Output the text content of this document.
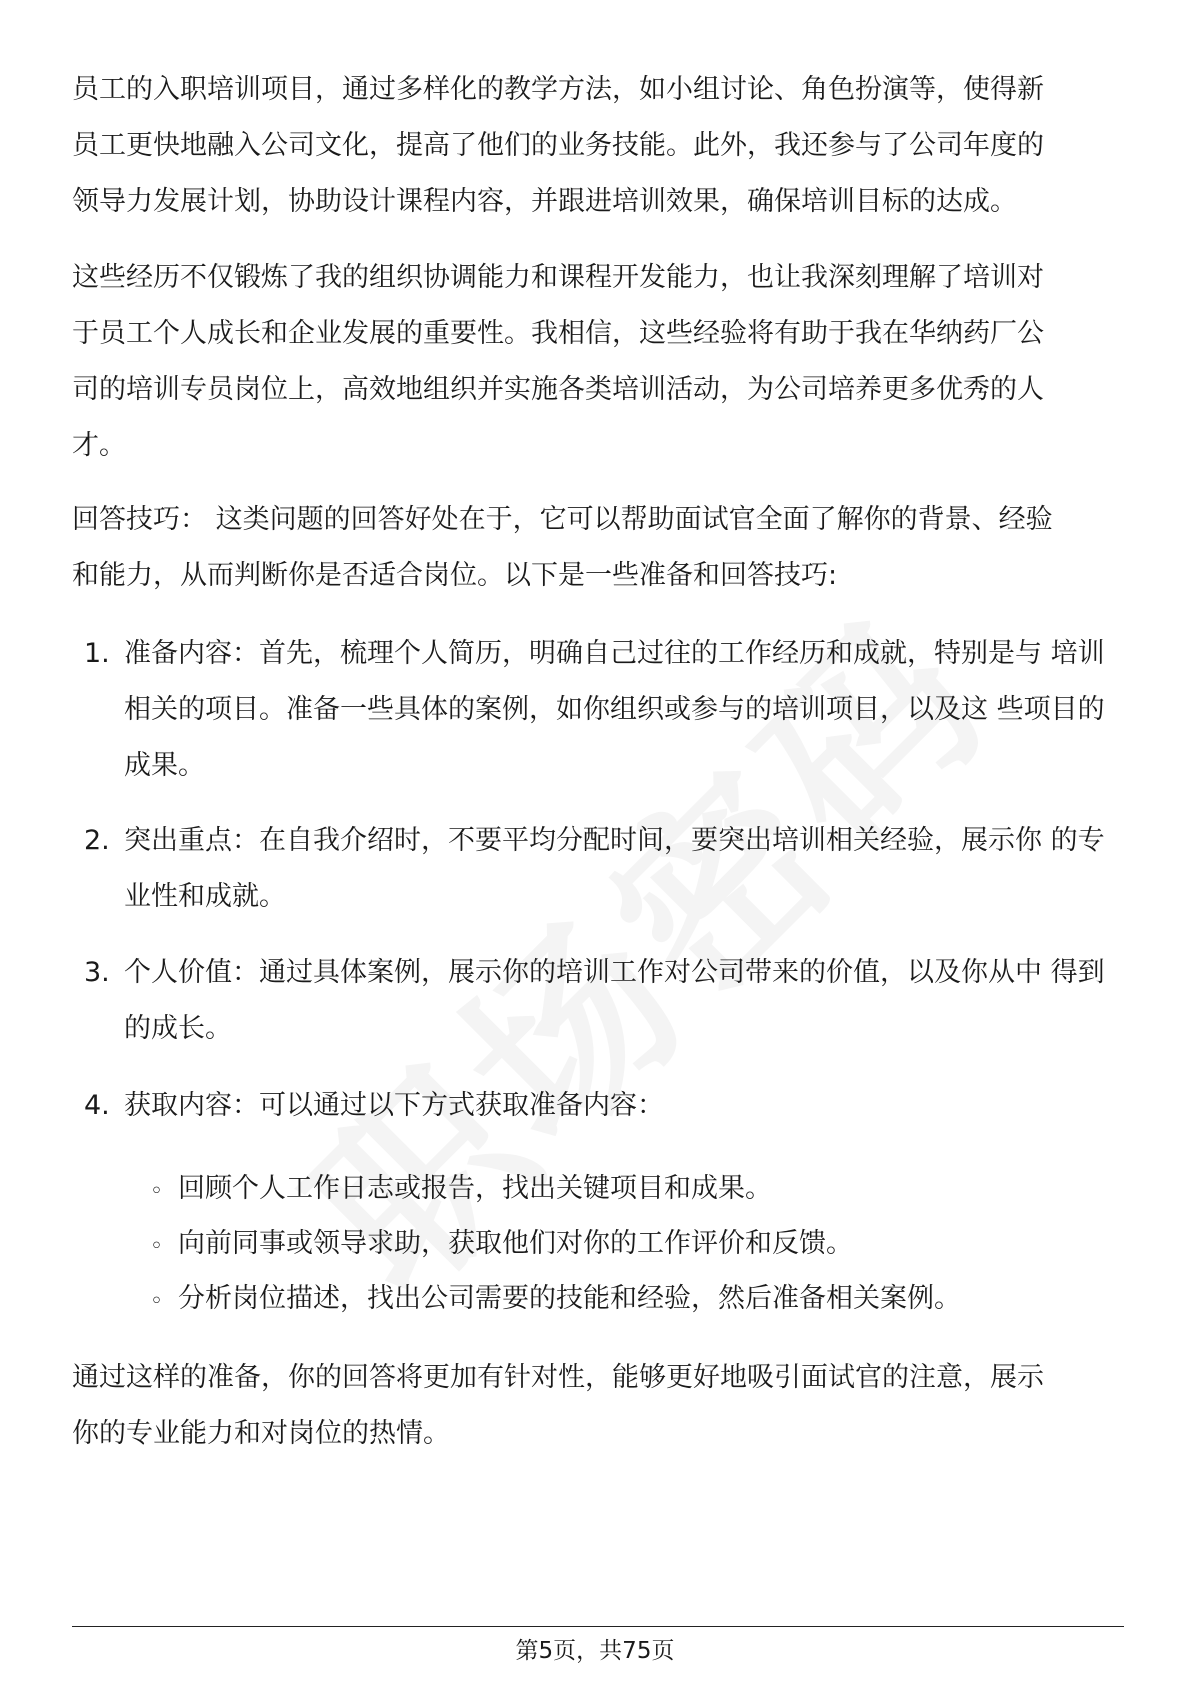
员工的入职培训项目，通过多样化的教学方法，如小组讨论、角色扮演等，使得新
员工更快地融入公司文化，提高了他们的业务技能。此外，我还参与了公司年度的
领导力发展计划，协助设计课程内容，并跟进培训效果，确保培训目标的达成。

这些经历不仅锻炼了我的组织协调能力和课程开发能力，也让我深刻理解了培训对
于员工个人成长和企业发展的重要性。我相信，这些经验将有助于我在华纳药厂公
司的培训专员岗位上，高效地组织并实施各类培训活动，为公司培养更多优秀的人
才。

回答技巧： 这类问题的回答好处在于，它可以帮助面试官全面了解你的背景、经验
和能力，从而判断你是否适合岗位。以下是一些准备和回答技巧:

1. 准备内容：首先，梳理个人简历，明确自己过往的工作经历和成就，特别是与 培训相关的项目。准备一些具体的案例，如你组织或参与的培训项目，以及这 些项目的成果。

2. 突出重点：在自我介绍时，不要平均分配时间，要突出培训相关经验，展示你 的专业性和成就。

3. 个人价值：通过具体案例，展示你的培训工作对公司带来的价值，以及你从中 得到的成长。

4. 获取内容：可以通过以下方式获取准备内容：

◦ 回顾个人工作日志或报告，找出关键项目和成果。

◦ 向前同事或领导求助，获取他们对你的工作评价和反馈。

◦ 分析岗位描述，找出公司需要的技能和经验，然后准备相关案例。

通过这样的准备，你的回答将更加有针对性，能够更好地吸引面试官的注意，展示
你的专业能力和对岗位的热情。

第5页，共75页
